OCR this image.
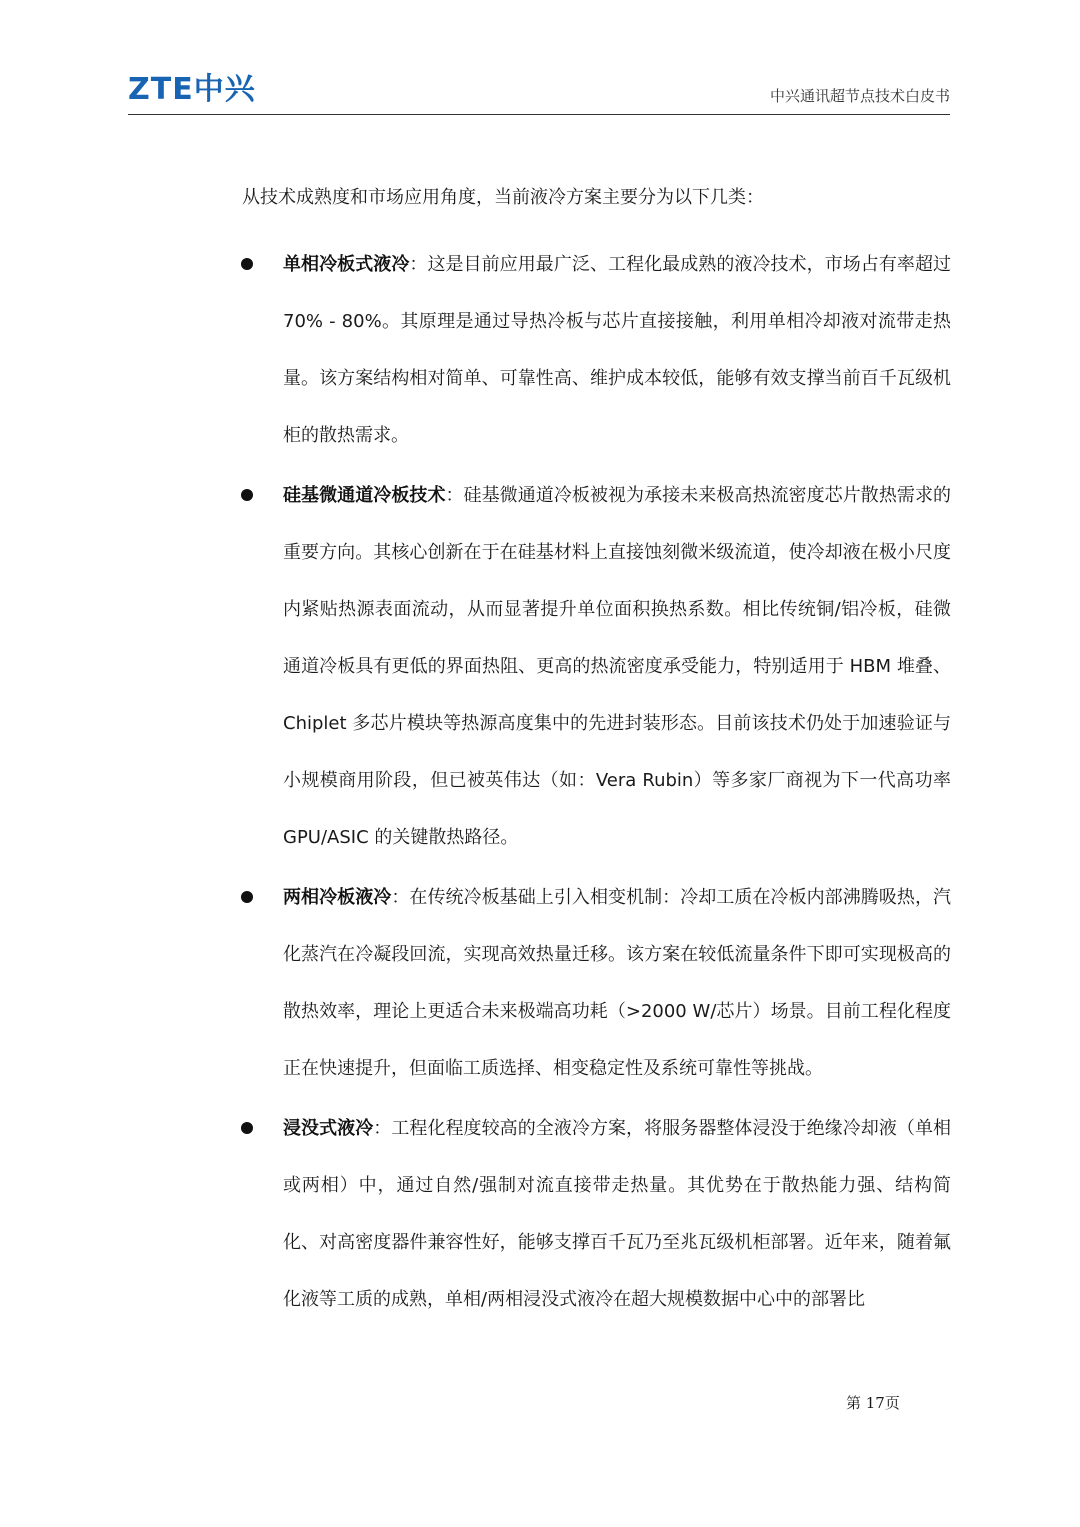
ZTE中兴	中兴通讯超节点技术白皮书
从技术成熟度和市场应用角度，当前液冷方案主要分为以下几类：
单相冷板式液冷：这是目前应用最广泛、工程化最成熟的液冷技术，市场占有率超过 70% - 80%。其原理是通过导热冷板与芯片直接接触，利用单相冷却液对流带走热量。该方案结构相对简单、可靠性高、维护成本较低，能够有效支撑当前百千瓦级机柜的散热需求。
硅基微通道冷板技术：硅基微通道冷板被视为承接未来极高热流密度芯片散热需求的重要方向。其核心创新在于在硅基材料上直接蚀刻微米级流道，使冷却液在极小尺度内紧贴热源表面流动，从而显著提升单位面积换热系数。相比传统铜/铝冷板，硅微通道冷板具有更低的界面热阻、更高的热流密度承受能力，特别适用于 HBM 堆叠、Chiplet 多芯片模块等热源高度集中的先进封装形态。目前该技术仍处于加速验证与小规模商用阶段，但已被英伟达（如：Vera Rubin）等多家厂商视为下一代高功率 GPU/ASIC 的关键散热路径。
两相冷板液冷：在传统冷板基础上引入相变机制：冷却工质在冷板内部沸腾吸热，汽化蒸汽在冷凝段回流，实现高效热量迁移。该方案在较低流量条件下即可实现极高的散热效率，理论上更适合未来极端高功耗（>2000 W/芯片）场景。目前工程化程度正在快速提升，但面临工质选择、相变稳定性及系统可靠性等挑战。
浸没式液冷：工程化程度较高的全液冷方案，将服务器整体浸没于绝缘冷却液（单相或两相）中，通过自然/强制对流直接带走热量。其优势在于散热能力强、结构简化、对高密度器件兼容性好，能够支撑百千瓦乃至兆瓦级机柜部署。近年来，随着氟化液等工质的成熟，单相/两相浸没式液冷在超大规模数据中心中的部署比
第 17页
